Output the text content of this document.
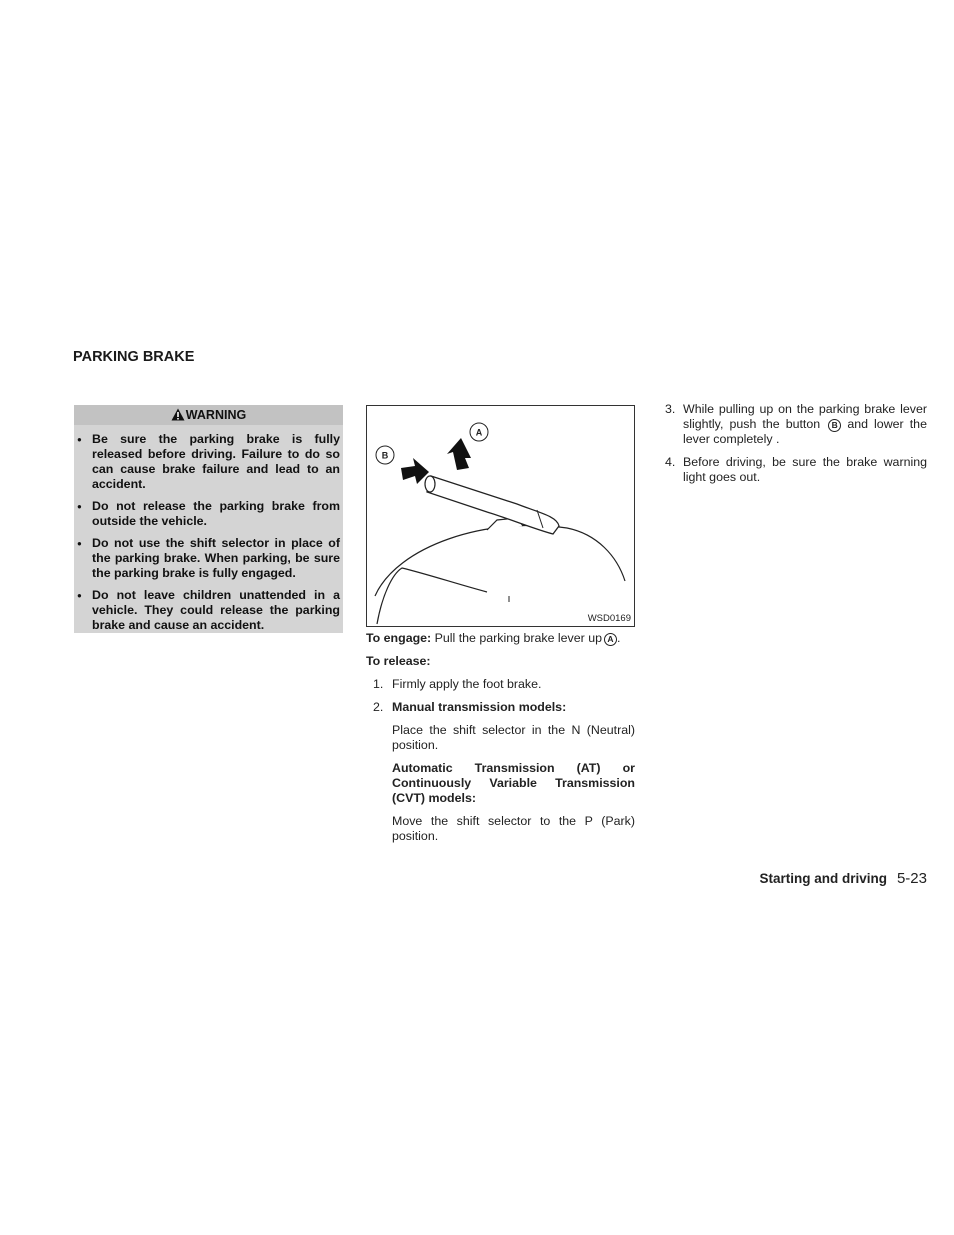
PARKING BRAKE
WARNING
● Be sure the parking brake is fully released before driving. Failure to do so can cause brake failure and lead to an accident.
● Do not release the parking brake from outside the vehicle.
● Do not use the shift selector in place of the parking brake. When parking, be sure the parking brake is fully engaged.
● Do not leave children unattended in a vehicle. They could release the parking brake and cause an accident.
B
A
WSD0169

To engage: Pull the parking brake lever up A .

To release:

1. Firmly apply the foot brake.
2. Manual transmission models:
Place the shift selector in the N (Neutral) position.
Automatic Transmission (AT) or Continuously Variable Transmission (CVT) models:
Move the shift selector to the P (Park) position.
3. While pulling up on the parking brake lever slightly, push the button B and lower the lever completely .
4. Before driving, be sure the brake warning light goes out.
Starting and driving 5-23
